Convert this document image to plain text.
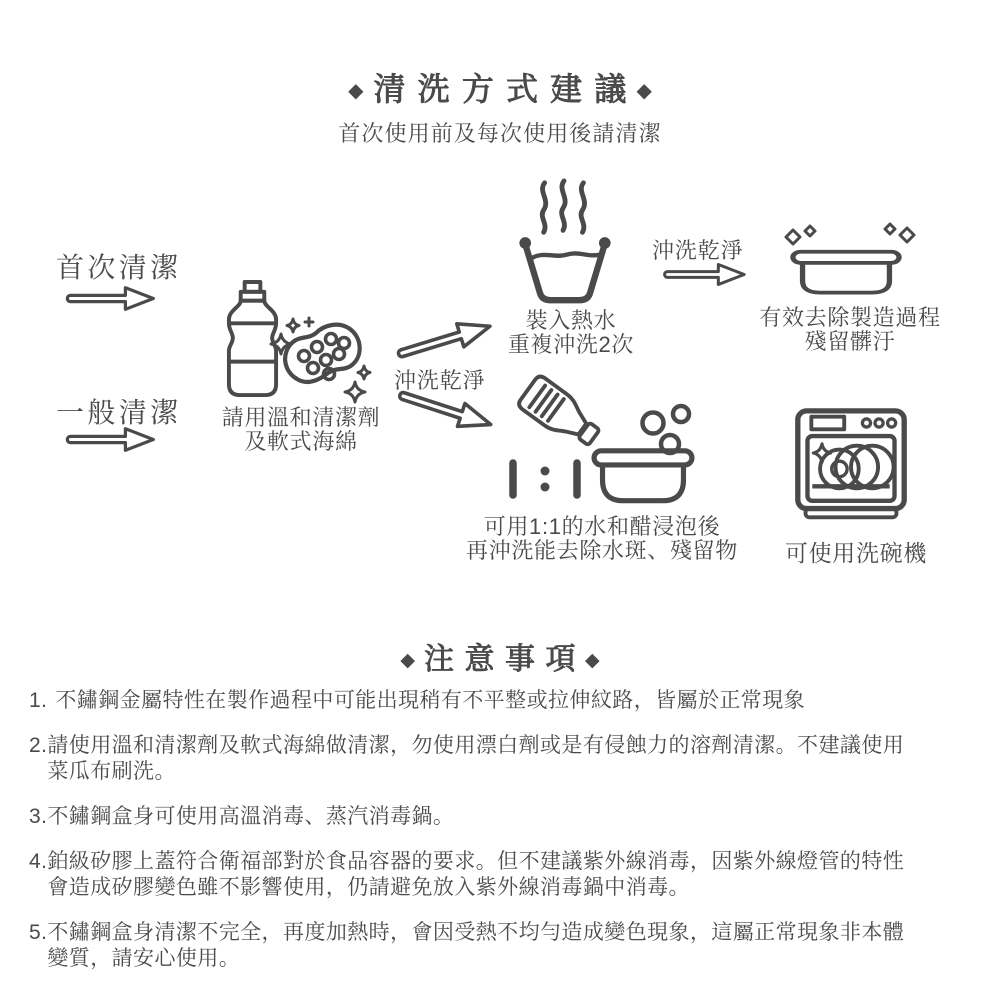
◆ 清洗方式建議◆
首次使用前及每次使用後請清潔
首次清潔
一般清潔	請用溫和清潔劑
及軟式海綿
沖洗乾淨
裝入熱水
重複沖洗2次
沖洗乾淨
有效去除製造過程
殘留髒汙
可用1:1的水和醋浸泡後
再沖洗能去除水斑、殘留物	可使用洗碗機
◆ 注意事項◆
1. 不鏽鋼金屬特性在製作過程中可能出現稍有不平整或拉伸紋路，皆屬於正常現象
2. 請使用溫和清潔劑及軟式海綿做清潔，勿使用漂白劑或是有侵蝕力的溶劑清潔。不建議使用
菜瓜布刷洗。
3. 不鏽鋼盒身可使用高溫消毒、蒸汽消毒鍋。
4. 鉑級矽膠上蓋符合衛福部對於食品容器的要求。但不建議紫外線消毒，因紫外線燈管的特性
會造成矽膠變色雖不影響使用，仍請避免放入紫外線消毒鍋中消毒。
5. 不鏽鋼盒身清潔不完全，再度加熱時，會因受熱不均勻造成變色現象，這屬正常現象非本體
變質，請安心使用。
